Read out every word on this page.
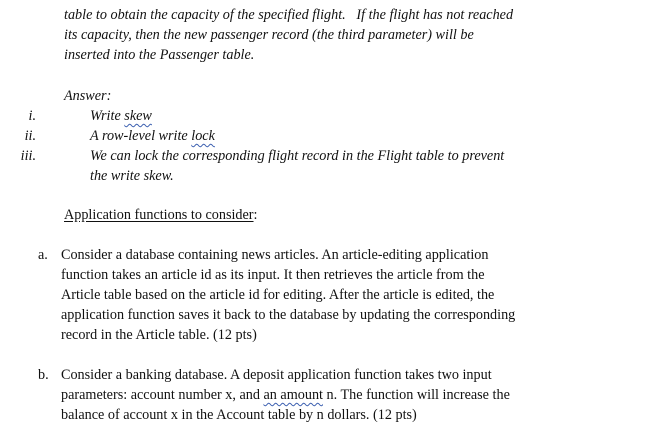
table to obtain the capacity of the specified flight. If the flight has not reached
its capacity, then the new passenger record (the third parameter) will be
inserted into the Passenger table.
Answer:
i.	Write skew
ii.	A row-level write lock
iii.	We can lock the corresponding flight record in the Flight table to prevent
the write skew.
Application functions to consider:
a. Consider a database containing news articles. An article-editing application
function takes an article id as its input. It then retrieves the article from the
Article table based on the article id for editing. After the article is edited, the
application function saves it back to the database by updating the corresponding
record in the Article table. (12 pts)
b. Consider a banking database. A deposit application function takes two input
parameters: account number x, and an amount n. The function will increase the
balance of account x in the Account table by n dollars. (12 pts)
